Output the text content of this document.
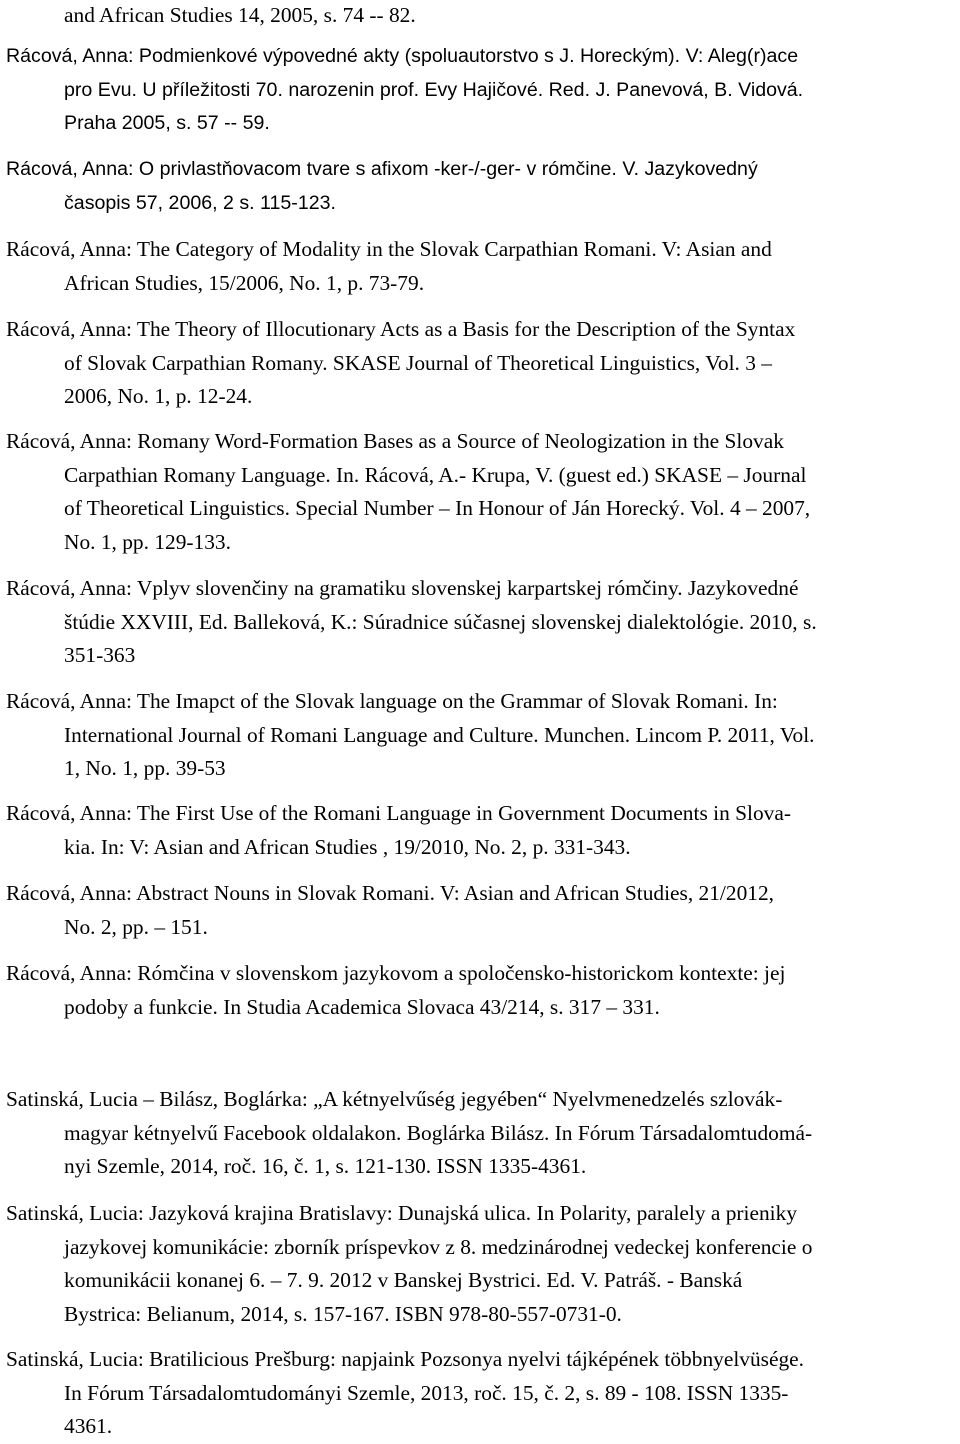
and African Studies 14, 2005, s. 74 -- 82.

Rácová, Anna: Podmienkové výpovedné akty (spoluautorstvo s J. Horeckým). V: Aleg(r)ace
pro Evu. U příležitosti 70. narozenin prof. Evy Hajičové. Red. J. Panevová, B. Vidová.
Praha 2005, s. 57 -- 59.

Rácová, Anna: O privlastňovacom tvare s afixom -ker-/-ger- v rómčine. V. Jazykovedný
časopis 57, 2006, 2 s. 115-123.

Rácová, Anna: The Category of Modality in the Slovak Carpathian Romani. V: Asian and
African Studies, 15/2006, No. 1, p. 73-79.

Rácová, Anna: The Theory of Illocutionary Acts as a Basis for the Description of the Syntax
of Slovak Carpathian Romany. SKASE Journal of Theoretical Linguistics, Vol. 3 –
2006, No. 1, p. 12-24.

Rácová, Anna: Romany Word-Formation Bases as a Source of Neologization in the Slovak
Carpathian Romany Language. In. Rácová, A.- Krupa, V. (guest ed.) SKASE – Journal
of Theoretical Linguistics. Special Number – In Honour of Ján Horecký. Vol. 4 – 2007,
No. 1, pp. 129-133.

Rácová, Anna: Vplyv slovenčiny na gramatiku slovenskej karpartskej rómčiny. Jazykovedné
štúdie XXVIII, Ed. Balleková, K.: Súradnice súčasnej slovenskej dialektológie. 2010, s.
351-363

Rácová, Anna: The Imapct of the Slovak language on the Grammar of Slovak Romani. In:
International Journal of Romani Language and Culture. Munchen. Lincom P. 2011, Vol.
1, No. 1, pp. 39-53

Rácová, Anna: The First Use of the Romani Language in Government Documents in Slova-
kia. In: V: Asian and African Studies , 19/2010, No. 2, p. 331-343.

Rácová, Anna: Abstract Nouns in Slovak Romani. V: Asian and African Studies, 21/2012,
No. 2, pp. – 151.

Rácová, Anna: Rómčina v slovenskom jazykovom a spoločensko-historickom kontexte: jej
podoby a funkcie. In Studia Academica Slovaca 43/214, s. 317 – 331.

Satinská, Lucia – Bilász, Boglárka: „A kétnyelvűség jegyében“ Nyelvmenedzelés szlovák-
magyar kétnyelvű Facebook oldalakon. Boglárka Bilász. In Fórum Társadalomtudomá-
nyi Szemle, 2014, roč. 16, č. 1, s. 121-130. ISSN 1335-4361.

Satinská, Lucia: Jazyková krajina Bratislavy: Dunajská ulica. In Polarity, paralely a prieniky
jazykovej komunikácie: zborník príspevkov z 8. medzinárodnej vedeckej konferencie o
komunikácii konanej 6. – 7. 9. 2012 v Banskej Bystrici. Ed. V. Patráš. - Banská
Bystrica: Belianum, 2014, s. 157-167. ISBN 978-80-557-0731-0.

Satinská, Lucia: Bratilicious Prešburg: napjaink Pozsonya nyelvi tájképének többnyelvüsége.
In Fórum Társadalomtudományi Szemle, 2013, roč. 15, č. 2, s. 89 - 108. ISSN 1335-
4361.
